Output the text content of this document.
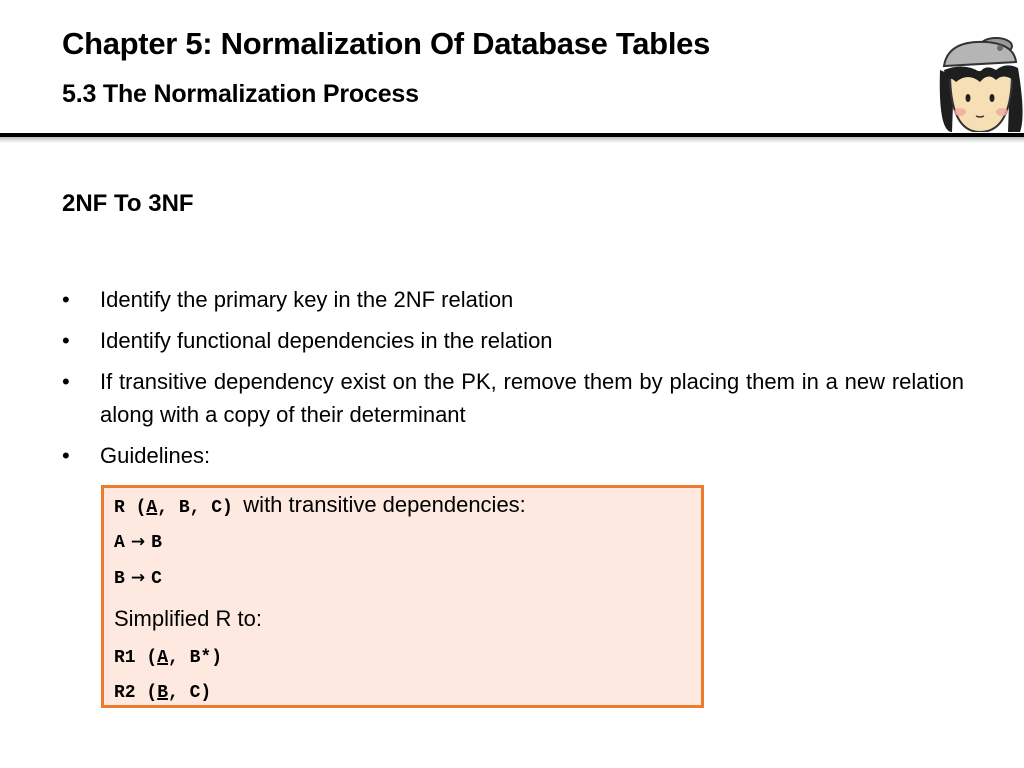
Chapter 5: Normalization Of Database Tables
5.3 The Normalization Process
2NF To 3NF
• Identify the primary key in the 2NF relation
• Identify functional dependencies in the relation
• If transitive dependency exist on the PK, remove them by placing them in a new relation along with a copy of their determinant
• Guidelines:
R (A, B, C) with transitive dependencies:
A → B
B → C
Simplified R to:
R1 (A, B*)
R2 (B, C)
